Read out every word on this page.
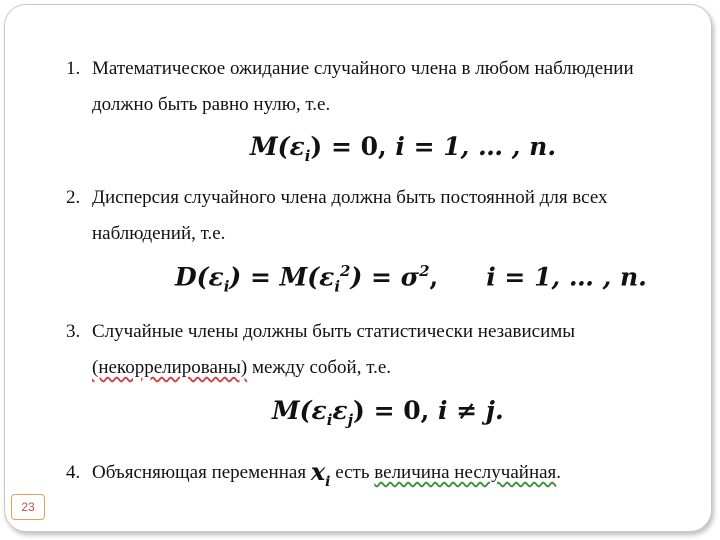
1. Математическое ожидание случайного члена в любом наблюдении
должно быть равно нулю, т.е.
$M(\varepsilon_i) = 0$, i = 1, … , n.
2. Дисперсия случайного члена должна быть постоянной для всех
наблюдений, т.е.
$D(\varepsilon_i) = M(\varepsilon_i^2) = \sigma^2$, i = 1, … , n.
3. Случайные члены должны быть статистически независимы
(некоррелированы) между собой, т.е.
$M(\varepsilon_i\varepsilon_j) = 0$, i ≠ j.
4. Объясняющая переменная $x_i$ есть величина неслучайная.
23
